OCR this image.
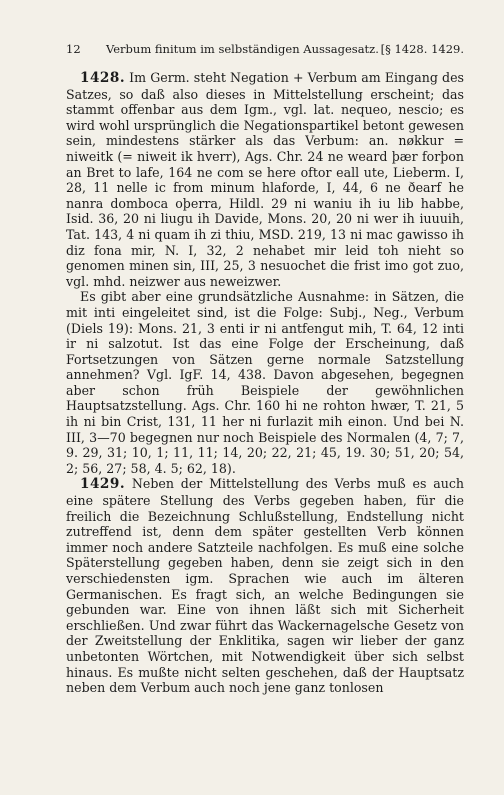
12	Verbum finitum im selbständigen Aussagesatz. [§ 1428. 1429.

1428. Im Germ. steht Negation + Verbum am Eingang des Satzes, so daß also dieses in Mittelstellung erscheint; das stammt offenbar aus dem Igm., vgl. lat. nequeo, nescio; es wird wohl ursprünglich die Negationspartikel betont gewesen sein, mindestens stärker als das Verbum: an. nøkkur = niweitk (= niweit ik hverr), Ags. Chr. 24 ne weard þær forþon an Bret to lafe, 164 ne com se here oftor eall ute, Lieberm. I, 28, 11 nelle ic from minum hlaforde, I, 44, 6 ne ðearf he nanra domboca oþerra, Hildl. 29 ni waniu ih iu lib habbe, Isid. 36, 20 ni liugu ih Davide, Mons. 20, 20 ni wer ih iuuuih, Tat. 143, 4 ni quam ih zi thiu, MSD. 219, 13 ni mac gawisso ih diz fona mir, N. I, 32, 2 nehabet mir leid toh nieht so genomen minen sin, III, 25, 3 nesuochet die frist imo got zuo, vgl. mhd. neizwer aus neweizwer.

Es gibt aber eine grundsätzliche Ausnahme: in Sätzen, die mit inti eingeleitet sind, ist die Folge: Subj., Neg., Verbum (Diels 19): Mons. 21, 3 enti ir ni antfengut mih, T. 64, 12 inti ir ni salzotut. Ist das eine Folge der Erscheinung, daß Fortsetzungen von Sätzen gerne normale Satzstellung annehmen? Vgl. IgF. 14, 438. Davon abgesehen, begegnen aber schon früh Beispiele der gewöhnlichen Hauptsatzstellung. Ags. Chr. 160 hi ne rohton hwær, T. 21, 5 ih ni bin Crist, 131, 11 her ni furlazit mih einon. Und bei N. III, 3—70 begegnen nur noch Beispiele des Normalen (4, 7; 7, 9. 29, 31; 10, 1; 11, 11; 14, 20; 22, 21; 45, 19. 30; 51, 20; 54, 2; 56, 27; 58, 4. 5; 62, 18).

1429. Neben der Mittelstellung des Verbs muß es auch eine spätere Stellung des Verbs gegeben haben, für die freilich die Bezeichnung Schlußstellung, Endstellung nicht zutreffend ist, denn dem später gestellten Verb können immer noch andere Satzteile nachfolgen. Es muß eine solche Späterstellung gegeben haben, denn sie zeigt sich in den verschiedensten igm. Sprachen wie auch im älteren Germanischen. Es fragt sich, an welche Bedingungen sie gebunden war. Eine von ihnen läßt sich mit Sicherheit erschließen. Und zwar führt das Wackernagelsche Gesetz von der Zweitstellung der Enklitika, sagen wir lieber der ganz unbetonten Wörtchen, mit Notwendigkeit über sich selbst hinaus. Es mußte nicht selten geschehen, daß der Hauptsatz neben dem Verbum auch noch jene ganz tonlosen
